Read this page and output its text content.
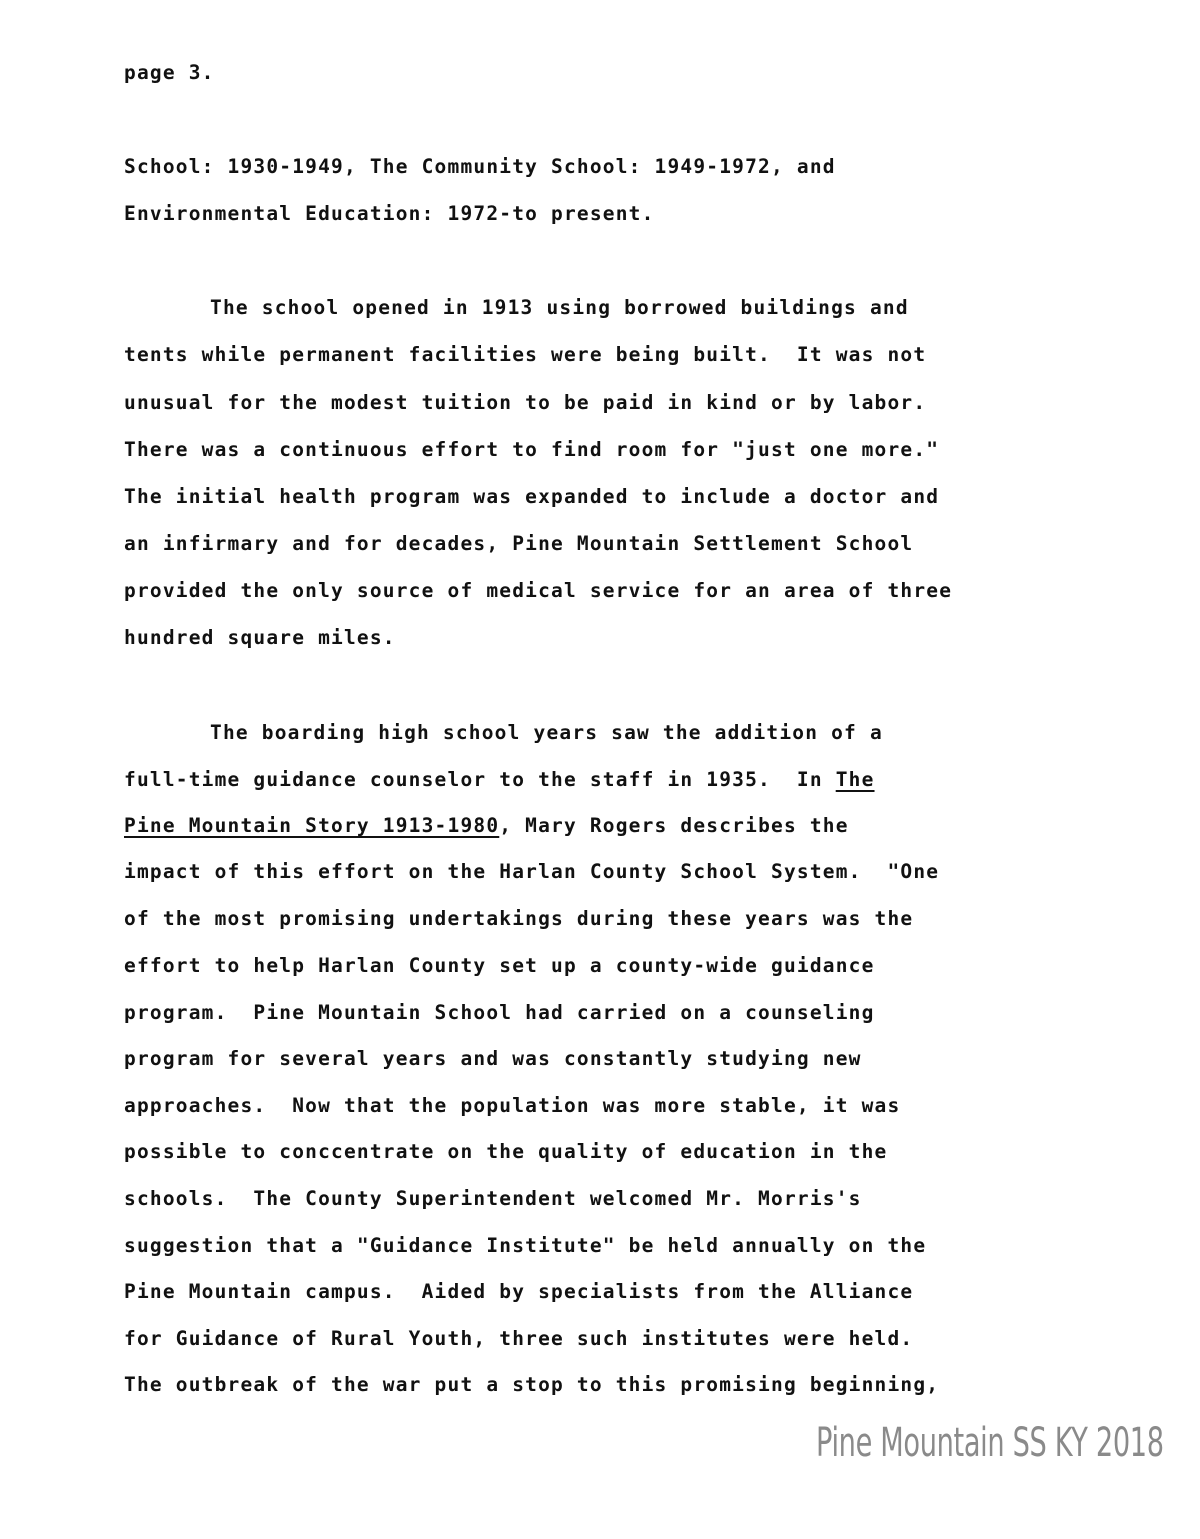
page 3.
School: 1930-1949, The Community School: 1949-1972, and
Environmental Education: 1972-to present.
The school opened in 1913 using borrowed buildings and
tents while permanent facilities were being built.  It was not
unusual for the modest tuition to be paid in kind or by labor.
There was a continuous effort to find room for "just one more."
The initial health program was expanded to include a doctor and
an infirmary and for decades, Pine Mountain Settlement School
provided the only source of medical service for an area of three
hundred square miles.
The boarding high school years saw the addition of a
full-time guidance counselor to the staff in 1935.  In The
Pine Mountain Story 1913-1980, Mary Rogers describes the
impact of this effort on the Harlan County School System.  "One
of the most promising undertakings during these years was the
effort to help Harlan County set up a county-wide guidance
program.  Pine Mountain School had carried on a counseling
program for several years and was constantly studying new
approaches.  Now that the population was more stable, it was
possible to conccentrate on the quality of education in the
schools.  The County Superintendent welcomed Mr. Morris's
suggestion that a "Guidance Institute" be held annually on the
Pine Mountain campus.  Aided by specialists from the Alliance
for Guidance of Rural Youth, three such institutes were held.
The outbreak of the war put a stop to this promising beginning,
Pine Mountain SS KY 2018
